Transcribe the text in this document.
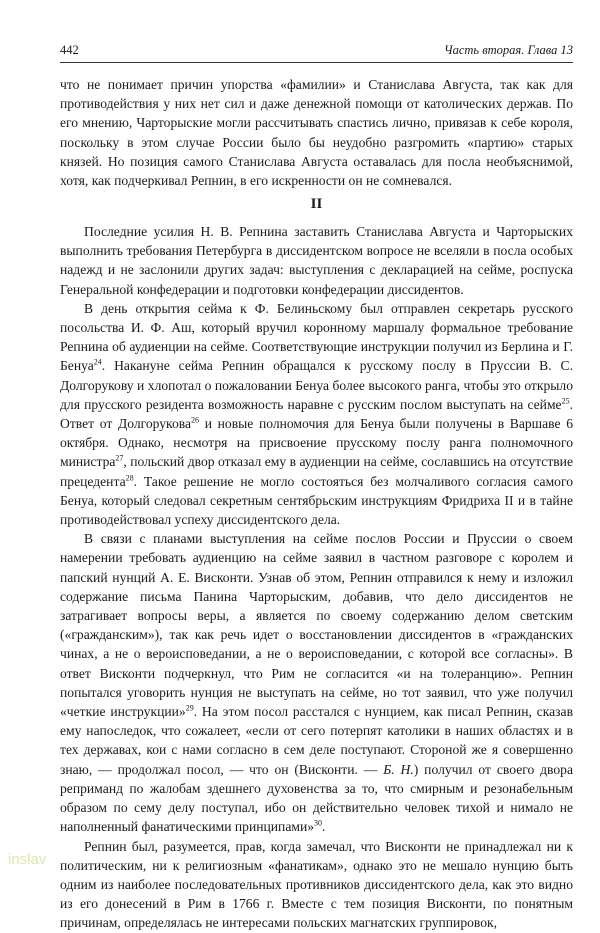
442	Часть вторая. Глава 13

что не понимает причин упорства «фамилии» и Станислава Августа, так как для противодействия у них нет сил и даже денежной помощи от католических держав. По его мнению, Чарторыские могли рассчитывать спастись лично, привязав к себе короля, поскольку в этом случае России было бы неудобно разгромить «партию» старых князей. Но позиция самого Станислава Августа оставалась для посла необъяснимой, хотя, как подчеркивал Репнин, в его искренности он не сомневался.

II

Последние усилия Н. В. Репнина заставить Станислава Августа и Чарторыских выполнить требования Петербурга в диссидентском вопросе не вселяли в посла особых надежд и не заслонили других задач: выступления с декларацией на сейме, роспуска Генеральной конфедерации и подготовки конфедерации диссидентов.

В день открытия сейма к Ф. Белиньскому был отправлен секретарь русского посольства И. Ф. Аш, который вручил коронному маршалу формальное требование Репнина об аудиенции на сейме. Соответствующие инструкции получил из Берлина и Г. Бенуа$^{24}$. Накануне сейма Репнин обращался к русскому послу в Пруссии В. С. Долгорукову и хлопотал о пожаловании Бенуа более высокого ранга, чтобы это открыло для прусского резидента возможность наравне с русским послом выступать на сейме$^{25}$. Ответ от Долгорукова$^{26}$ и новые полномочия для Бенуа были получены в Варшаве 6 октября. Однако, несмотря на присвоение прусскому послу ранга полномочного министра$^{27}$, польский двор отказал ему в аудиенции на сейме, сославшись на отсутствие прецедента$^{28}$. Такое решение не могло состояться без молчаливого согласия самого Бенуа, который следовал секретным сентябрьским инструкциям Фридриха II и в тайне противодействовал успеху диссидентского дела.

В связи с планами выступления на сейме послов России и Пруссии о своем намерении требовать аудиенцию на сейме заявил в частном разговоре с королем и папский нунций А. Е. Висконти. Узнав об этом, Репнин отправился к нему и изложил содержание письма Панина Чарторыским, добавив, что дело диссидентов не затрагивает вопросы веры, а является по своему содержанию делом светским («гражданским»), так как речь идет о восстановлении диссидентов в «гражданских чинах, а не о вероисповедании, а не о вероисповедании, с которой все согласны». В ответ Висконти подчеркнул, что Рим не согласится «и на толеранцию». Репнин попытался уговорить нунция не выступать на сейме, но тот заявил, что уже получил «четкие инструкции»$^{29}$. На этом посол расстался с нунцием, как писал Репнин, сказав ему напоследок, что сожалеет, «если от сего потерпят католики в наших областях и в тех державах, кои с нами согласно в сем деле поступают. Стороной же я совершенно знаю, — продолжал посол, — что он (Висконти. — Б. Н.) получил от своего двора репримaнд по жалобам здешнего духовенства за то, что смирным и резонабельным образом по сему делу поступал, ибо он действительно человек тихой и нимало не наполненный фанатическими принципами»$^{30}$.

Репнин был, разумеется, прав, когда замечал, что Висконти не принадлежал ни к политическим, ни к религиозным «фанатикам», однако это не мешало нунцию быть одним из наиболее последовательных противников диссидентского дела, как это видно из его донесений в Рим в 1766 г. Вместе с тем позиция Висконти, по понятным причинам, определялась не интересами польских магнатских группировок,

inslav
